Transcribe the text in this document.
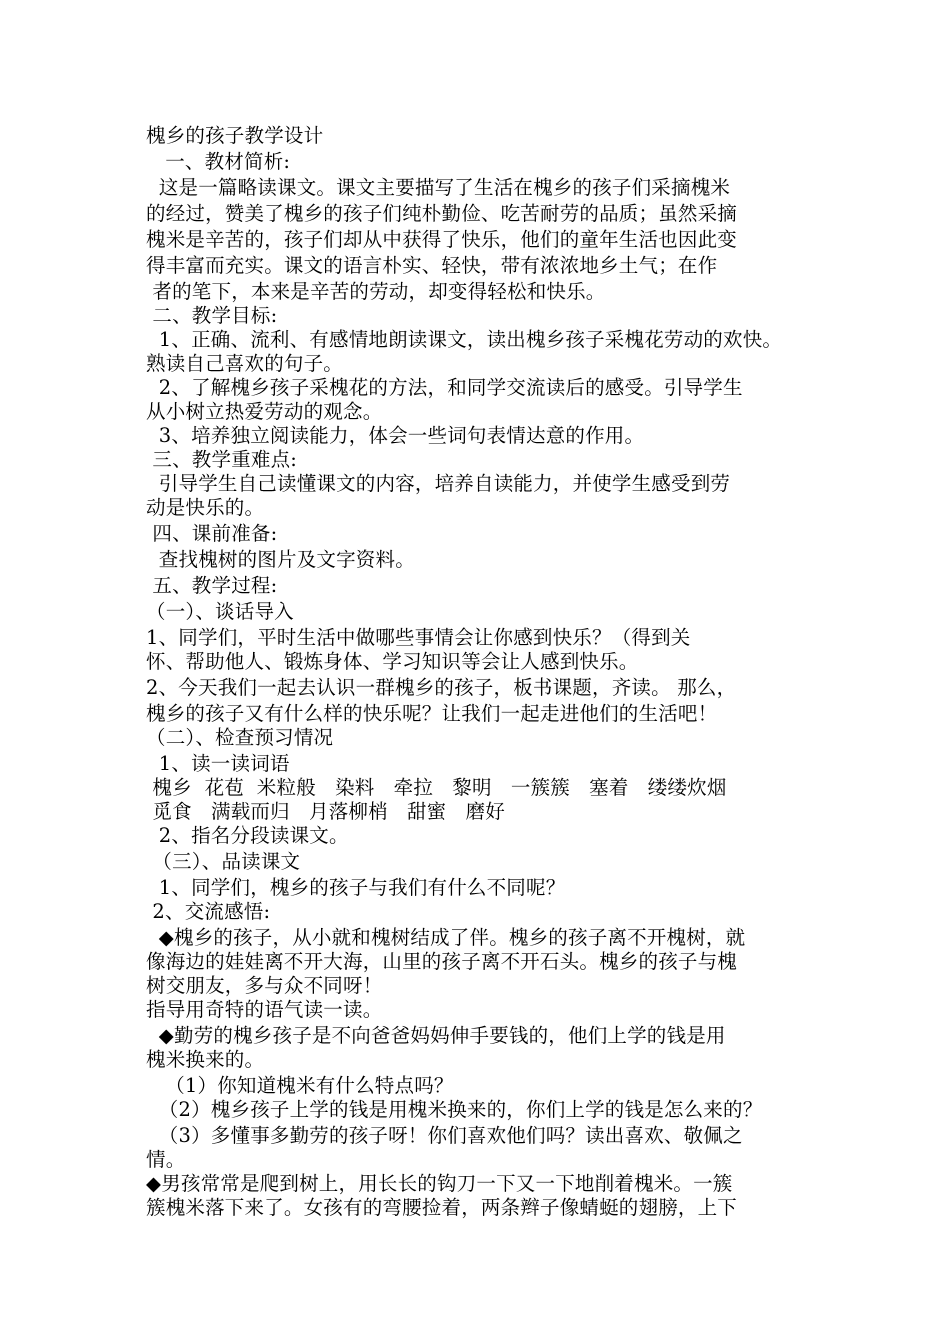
槐乡的孩子教学设计
一、教材简析:
这是一篇略读课文。课文主要描写了生活在槐乡的孩子们采摘槐米
的经过，赞美了槐乡的孩子们纯朴勤俭、吃苦耐劳的品质；虽然采摘
槐米是辛苦的，孩子们却从中获得了快乐，他们的童年生活也因此变
得丰富而充实。课文的语言朴实、轻快，带有浓浓地乡土气；在作
者的笔下，本来是辛苦的劳动，却变得轻松和快乐。
二、教学目标:
1、正确、流利、有感情地朗读课文，读出槐乡孩子采槐花劳动的欢快。
熟读自己喜欢的句子。
2、了解槐乡孩子采槐花的方法，和同学交流读后的感受。引导学生
从小树立热爱劳动的观念。
3、培养独立阅读能力，体会一些词句表情达意的作用。
三、教学重难点:
引导学生自己读懂课文的内容，培养自读能力，并使学生感受到劳
动是快乐的。
四、课前准备:
查找槐树的图片及文字资料。
五、教学过程:
（一）、谈话导入
1、同学们，平时生活中做哪些事情会让你感到快乐？（得到关
怀、帮助他人、锻炼身体、学习知识等会让人感到快乐。
2、今天我们一起去认识一群槐乡的孩子，板书课题，齐读。 那么，
槐乡的孩子又有什么样的快乐呢？让我们一起走进他们的生活吧！
（二）、检查预习情况
1、读一读词语
槐乡  花苞  米粒般   染料   牵拉   黎明   一簇簇   塞着   缕缕炊烟
觅食   满载而归   月落柳梢   甜蜜   磨好
2、指名分段读课文。
（三）、品读课文
1、同学们，槐乡的孩子与我们有什么不同呢？
2、交流感悟:
◆槐乡的孩子，从小就和槐树结成了伴。槐乡的孩子离不开槐树，就
像海边的娃娃离不开大海，山里的孩子离不开石头。槐乡的孩子与槐
树交朋友，多与众不同呀！
指导用奇特的语气读一读。
◆勤劳的槐乡孩子是不向爸爸妈妈伸手要钱的，他们上学的钱是用
槐米换来的。
（1）你知道槐米有什么特点吗？
（2）槐乡孩子上学的钱是用槐米换来的，你们上学的钱是怎么来的？
（3）多懂事多勤劳的孩子呀！你们喜欢他们吗？读出喜欢、敬佩之
情。
◆男孩常常是爬到树上，用长长的钩刀一下又一下地削着槐米。一簇
簇槐米落下来了。女孩有的弯腰捡着，两条辫子像蜻蜓的翅膀，上下
